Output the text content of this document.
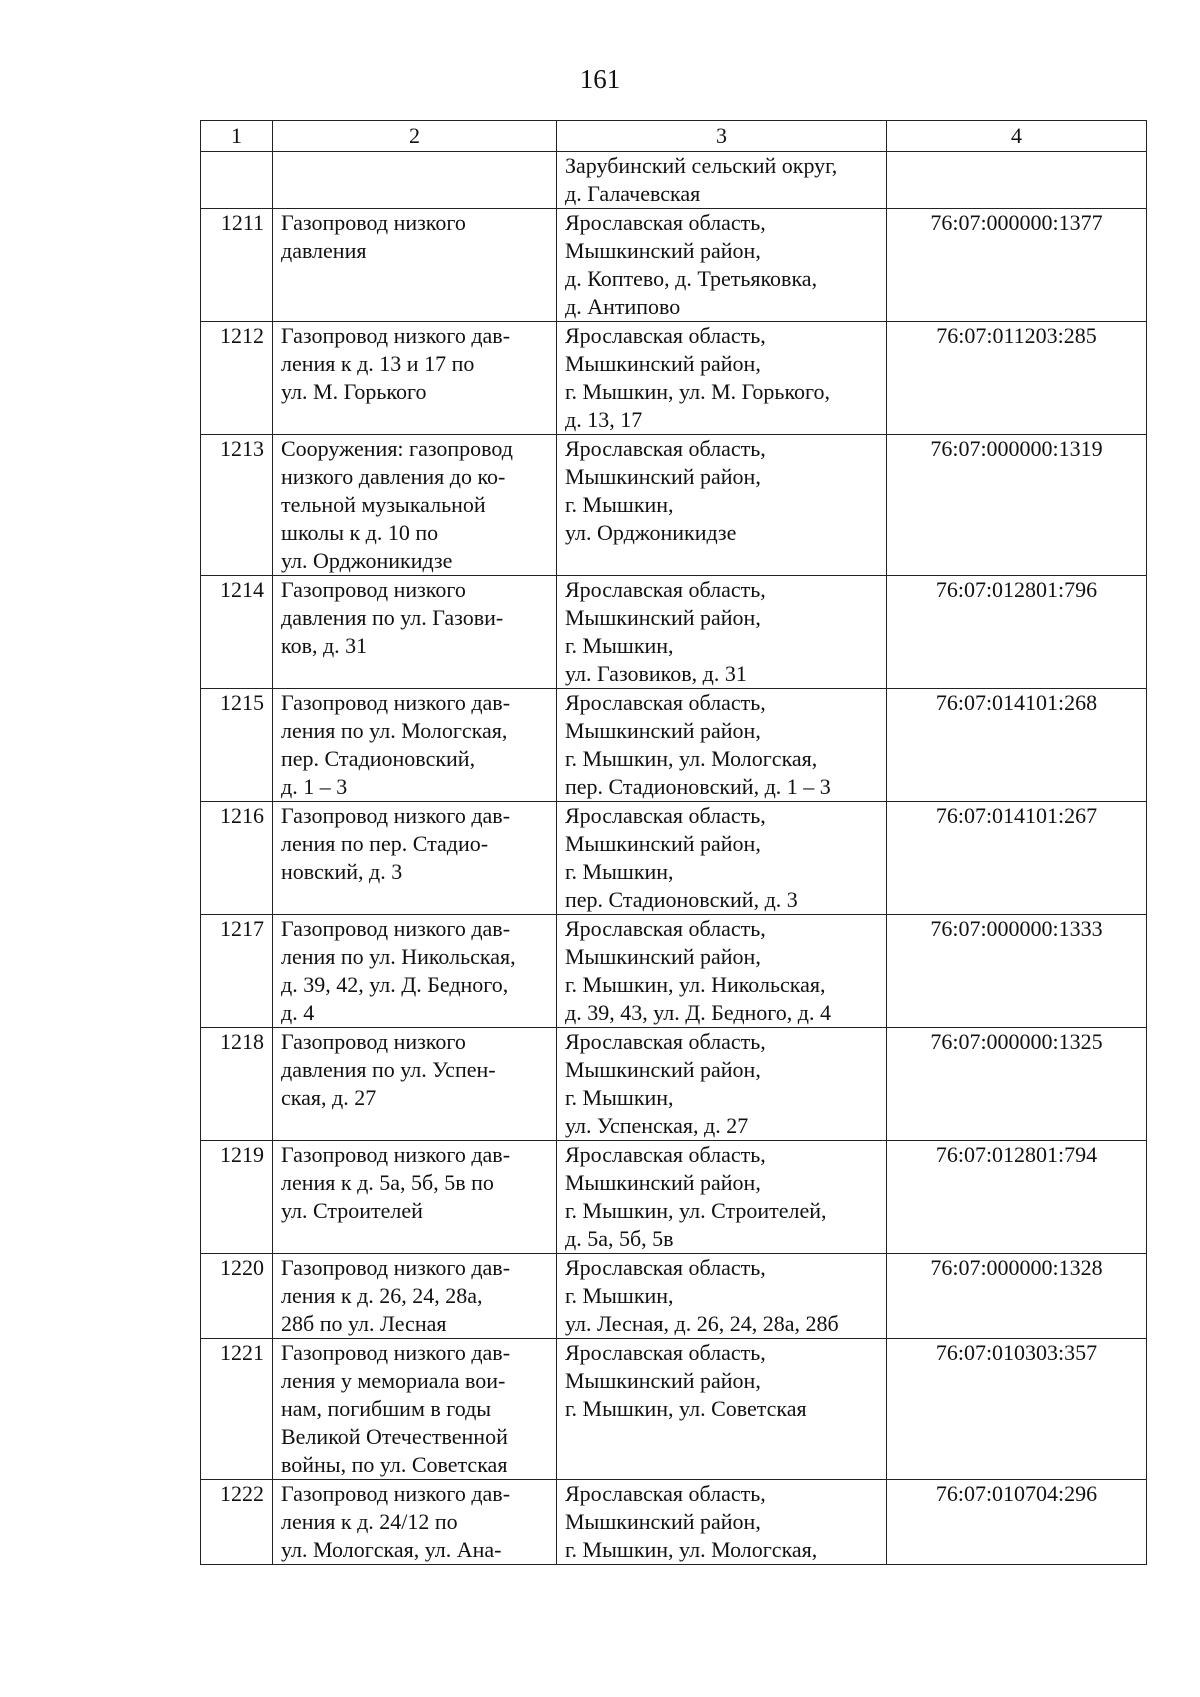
161
1	2	3	4

		Зарубинский сельский округ,
д. Галачевская	

1211	Газопровод низкого
давления	Ярославская область,
Мышкинский район,
д. Коптево, д. Третьяковка,
д. Антипово	76:07:000000:1377
1212	Газопровод низкого дав-
ления к д. 13 и 17 по
ул. М. Горького	Ярославская область,
Мышкинский район,
г. Мышкин, ул. М. Горького,
д. 13, 17	76:07:011203:285
1213	Сооружения: газопровод
низкого давления до ко-
тельной музыкальной
школы к д. 10 по
ул. Орджоникидзе	Ярославская область,
Мышкинский район,
г. Мышкин,
ул. Орджоникидзе	76:07:000000:1319
1214	Газопровод низкого
давления по ул. Газови-
ков, д. 31	Ярославская область,
Мышкинский район,
г. Мышкин,
ул. Газовиков, д. 31	76:07:012801:796
1215	Газопровод низкого дав-
ления по ул. Мологская,
пер. Стадионовский,
д. 1 – 3	Ярославская область,
Мышкинский район,
г. Мышкин, ул. Мологская,
пер. Стадионовский, д. 1 – 3	76:07:014101:268
1216	Газопровод низкого дав-
ления по пер. Стадио-
новский, д. 3	Ярославская область,
Мышкинский район,
г. Мышкин,
пер. Стадионовский, д. 3	76:07:014101:267
1217	Газопровод низкого дав-
ления по ул. Никольская,
д. 39, 42, ул. Д. Бедного,
д. 4	Ярославская область,
Мышкинский район,
г. Мышкин, ул. Никольская,
д. 39, 43, ул. Д. Бедного, д. 4	76:07:000000:1333
1218	Газопровод низкого
давления по ул. Успен-
ская, д. 27	Ярославская область,
Мышкинский район,
г. Мышкин,
ул. Успенская, д. 27	76:07:000000:1325
1219	Газопровод низкого дав-
ления к д. 5а, 5б, 5в по
ул. Строителей	Ярославская область,
Мышкинский район,
г. Мышкин, ул. Строителей,
д. 5а, 5б, 5в	76:07:012801:794
1220	Газопровод низкого дав-
ления к д. 26, 24, 28а,
28б по ул. Лесная	Ярославская область,
г. Мышкин,
ул. Лесная, д. 26, 24, 28а, 28б	76:07:000000:1328
1221	Газопровод низкого дав-
ления у мемориала вои-
нам, погибшим в годы
Великой Отечественной
войны, по ул. Советская	Ярославская область,
Мышкинский район,
г. Мышкин, ул. Советская	76:07:010303:357
1222	Газопровод низкого дав-
ления к д. 24/12 по
ул. Мологская, ул. Ана-	Ярославская область,
Мышкинский район,
г. Мышкин, ул. Мологская,	76:07:010704:296
